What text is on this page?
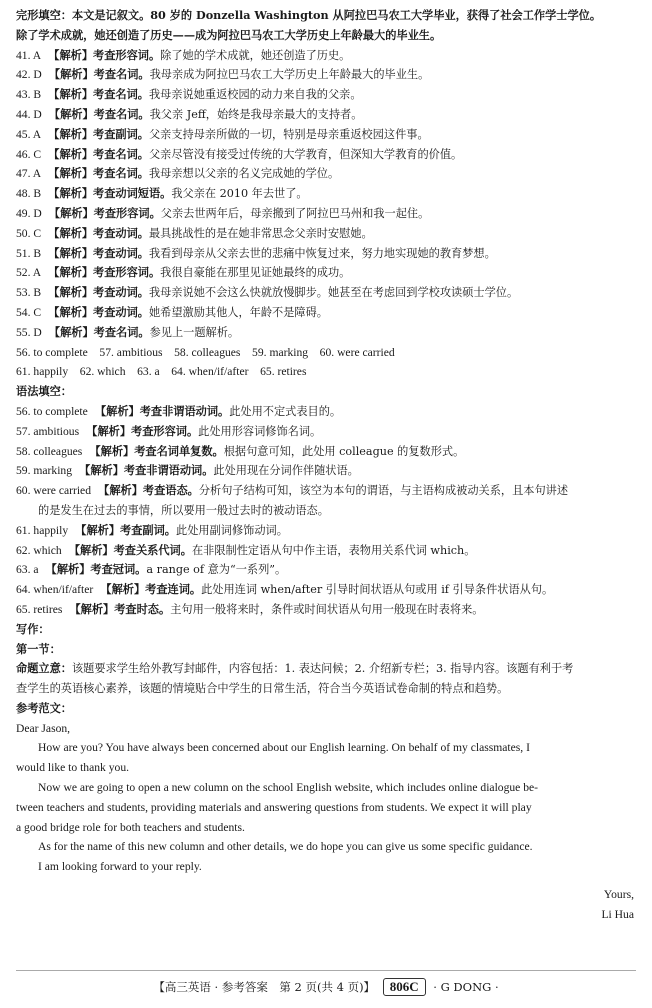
完形填空：本文是记叙文。80 岁的 Donzella Washington 从阿拉巴马农工大学毕业，获得了社会工作学士学位。
除了学术成就，她还创造了历史——成为阿拉巴马农工大学历史上年龄最大的毕业生。
41. A 【解析】考查形容词。除了她的学术成就，她还创造了历史。
42. D 【解析】考查名词。我母亲成为阿拉巴马农工大学历史上年龄最大的毕业生。
43. B 【解析】考查名词。我母亲说她重返校园的动力来自我的父亲。
44. D 【解析】考查名词。我父亲 Jeff，始终是我母亲最大的支持者。
45. A 【解析】考查副词。父亲支持母亲所做的一切，特别是母亲重返校园这件事。
46. C 【解析】考查名词。父亲尽管没有接受过传统的大学教育，但深知大学教育的价值。
47. A 【解析】考查名词。我母亲想以父亲的名义完成她的学位。
48. B 【解析】考查动词短语。我父亲在 2010 年去世了。
49. D 【解析】考查形容词。父亲去世两年后，母亲搬到了阿拉巴马州和我一起住。
50. C 【解析】考查动词。最具挑战性的是在她非常思念父亲时安慰她。
51. B 【解析】考查动词。我看到母亲从父亲去世的悲痛中恢复过来，努力地实现她的教育梦想。
52. A 【解析】考查形容词。我很自豪能在那里见证她最终的成功。
53. B 【解析】考查动词。我母亲说她不会这么快就放慢脚步。她甚至在考虑回到学校攻读硕士学位。
54. C 【解析】考查动词。她希望激励其他人，年龄不是障碍。
55. D 【解析】考查名词。参见上一题解析。
56. to complete 57. ambitious 58. colleagues 59. marking 60. were carried
61. happily 62. which 63. a 64. when/if/after 65. retires
语法填空：
56. to complete 【解析】考查非谓语动词。此处用不定式表目的。
57. ambitious 【解析】考查形容词。此处用形容词修饰名词。
58. colleagues 【解析】考查名词单复数。根据句意可知，此处用 colleague 的复数形式。
59. marking 【解析】考查非谓语动词。此处用现在分词作伴随状语。
60. were carried 【解析】考查语态。分析句子结构可知，该空为本句的谓语，与主语构成被动关系，且本句讲述
的是发生在过去的事情，所以要用一般过去时的被动语态。
61. happily 【解析】考查副词。此处用副词修饰动词。
62. which 【解析】考查关系代词。在非限制性定语从句中作主语，表物用关系代词 which。
63. a 【解析】考查冠词。a range of 意为“一系列”。
64. when/if/after 【解析】考查连词。此处用连词 when/after 引导时间状语从句或用 if 引导条件状语从句。
65. retires 【解析】考查时态。主句用一般将来时，条件或时间状语从句用一般现在时表将来。
写作：
第一节：
命题立意：该题要求学生给外教写封邮件，内容包括：1. 表达问候；2. 介绍新专栏；3. 指导内容。该题有利于考
查学生的英语核心素养，该题的情境贴合中学生的日常生活，符合当今英语试卷命制的特点和趋势。
参考范文：
Dear Jason,
How are you? You have always been concerned about our English learning. On behalf of my classmates, I
would like to thank you.
Now we are going to open a new column on the school English website, which includes online dialogue be-
tween teachers and students, providing materials and answering questions from students. We expect it will play
a good bridge role for both teachers and students.
As for the name of this new column and other details, we do hope you can give us some specific guidance.
I am looking forward to your reply.
Yours,
Li Hua
【高三英语 · 参考答案　第 2 页(共 4 页)】 806C · G DONG ·
